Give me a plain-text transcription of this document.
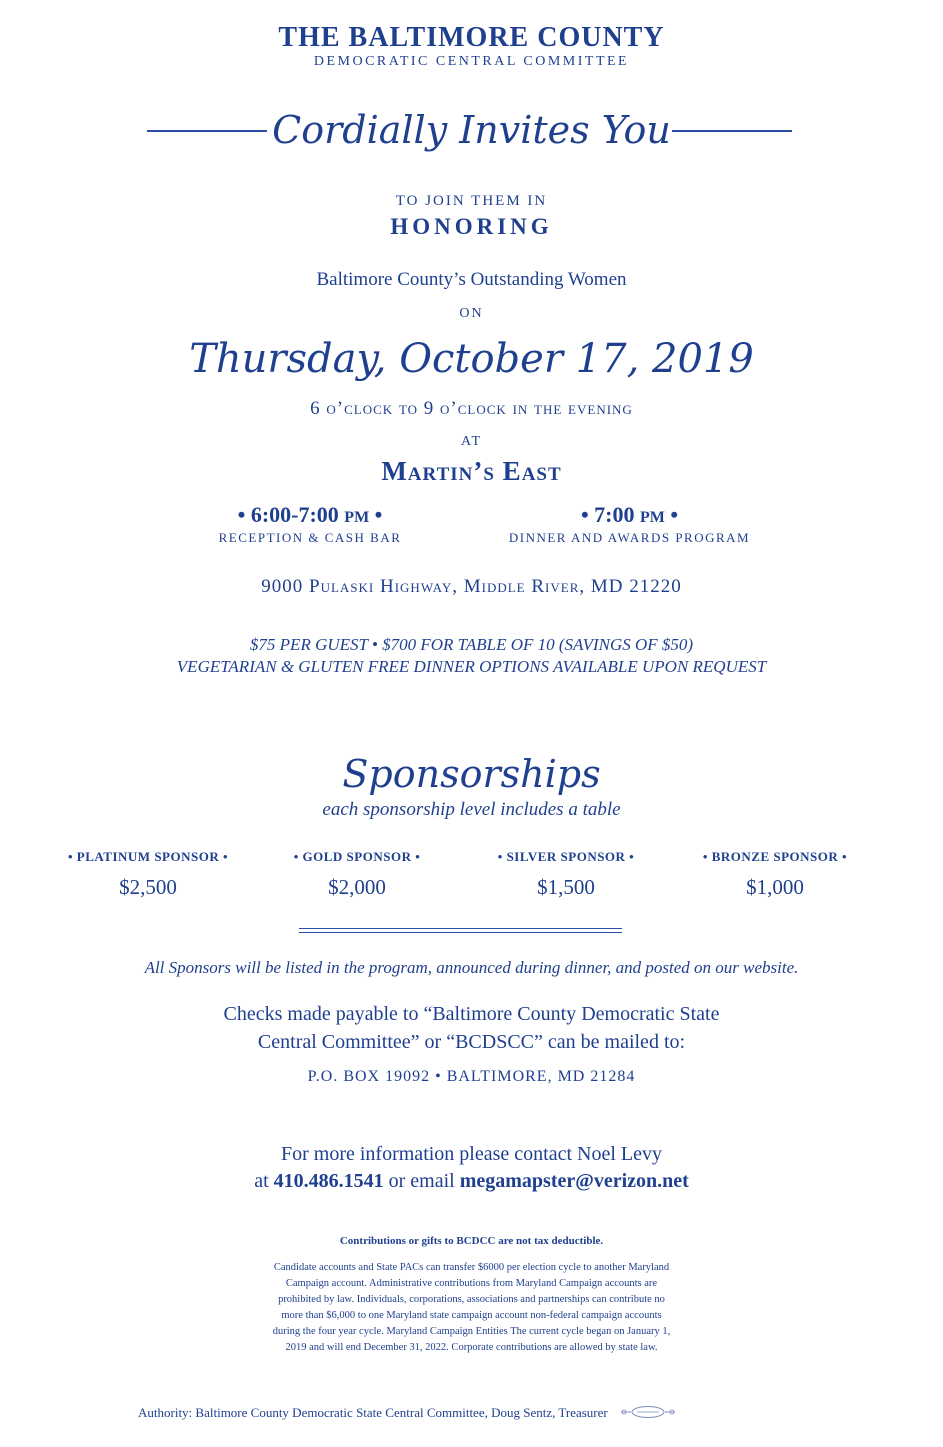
THE BALTIMORE COUNTY
DEMOCRATIC CENTRAL COMMITTEE
Cordially Invites You
TO JOIN THEM IN
HONORING
Baltimore County’s Outstanding Women
ON
Thursday, October 17, 2019
6 o’clock to 9 o’clock in the evening
AT
Martin’s East
• 6:00-7:00 PM •
RECEPTION & CASH BAR
• 7:00 PM •
DINNER AND AWARDS PROGRAM
9000 Pulaski Highway, Middle River, MD 21220
$75 PER GUEST • $700 FOR TABLE OF 10 (SAVINGS OF $50)
VEGETARIAN & GLUTEN FREE DINNER OPTIONS AVAILABLE UPON REQUEST
Sponsorships
each sponsorship level includes a table
• PLATINUM SPONSOR •
$2,500
• GOLD SPONSOR •
$2,000
• SILVER SPONSOR •
$1,500
• BRONZE SPONSOR •
$1,000
All Sponsors will be listed in the program, announced during dinner, and posted on our website.
Checks made payable to “Baltimore County Democratic State
Central Committee” or “BCDSCC” can be mailed to:
P.O. BOX 19092 • BALTIMORE, MD 21284
For more information please contact Noel Levy
at 410.486.1541 or email megamapster@verizon.net
Contributions or gifts to BCDCC are not tax deductible.
Candidate accounts and State PACs can transfer $6000 per election cycle to another Maryland
Campaign account. Administrative contributions from Maryland Campaign accounts are
prohibited by law. Individuals, corporations, associations and partnerships can contribute no
more than $6,000 to one Maryland state campaign account non-federal campaign accounts
during the four year cycle. Maryland Campaign Entities The current cycle began on January 1,
2019 and will end December 31, 2022. Corporate contributions are allowed by state law.
Authority: Baltimore County Democratic State Central Committee, Doug Sentz, Treasurer
